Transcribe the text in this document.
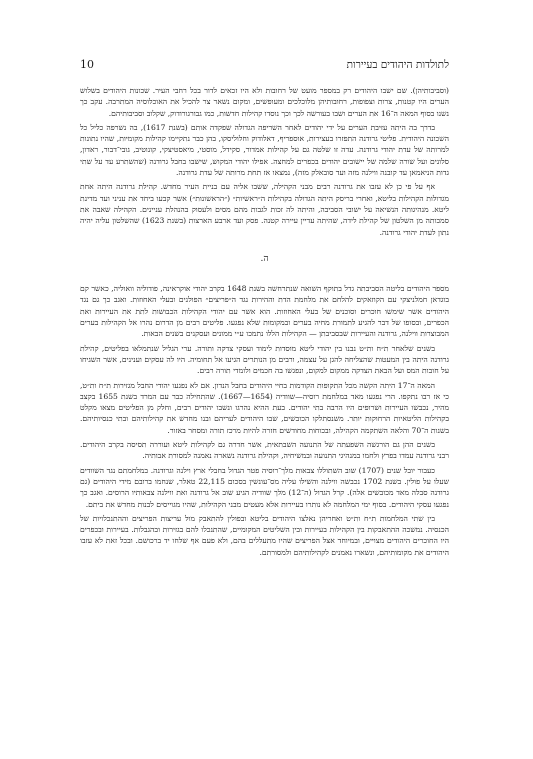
10	לתולדות היהודים בעיירות

(וסביבותיהן). שם ישבו היהודים רק במספר מועט של רחובות ולא היו זכאים לדור בכל רחבי העיר. שכונות היהודים בשלוש הערים היו קטנות, צרות וצפופות, רחובותיהן מלוכלכים ומעופשים, ומקום נשאר צר להכיל את האוכלוסיה המתרבה. עקב כך נשנו בסוף המאה ה־16 את הערים ושבו בעורשה לכך וכך נוסדו קהילות חדשות, כמו גבורגורודוק, שקלוב וסביבותיהם.

בדרך בה היתה עזיבת הערים על ידי יהודים לאחר השריפה הגדולה שפקדה אותם (בשנת 1617), בה נשרפה כליל כל השכונה היהודית. פליטי גרודנה התפזרו בעצירות, אוספריף, דאלודוק וחלוליסקו, בהן כבר נתקיימו קהילות מקומיות, שהיו נתונות למרותה של עדת יהודי גרודנה. עדה זו שלטה גם על קהילות אמדור, סקידל, מוסטי, מיאסטיצקי, קונוטיב, גובי־דבור, ראדון, סלונים ועל שורה שלמה של יישובים יהודים בכפרים למחצה. אפילו יהודי המקוש, שישבו בחבל גרודנה (שהשתרע עד על שתי גדות הניאמאן עד קובנה ווילנה מזה ועד סובאלק מזה), נמצאו אז תחת מרותה של עדת גרודנה.

אף על פי כן לא עזבו את גרודנה רבים מבני הקהילה, ששבו אליה עם בניית העיר מחדש. קהילת גרודנה היתה אחת מגדולות הקהילות בליטא, ואחרי בריסק היתה הגדולה בקהילות ה״ראשיות״ (״הראשונות״) אשר קבעו ביחד את עניני ועד מדינת ליטא. מנהיגותה הנשיאה על ישובי הסביבה, והיתה לה זכות לגבות מהם מסים ולעסוק בהנהלת עניינים. הקהילה שאבה את סמכותה מן השלטון של קהילת לידה, שהיתה עדיין עיירה קטנה. פסק ועד ארבע הארצות (בשנת 1623) שהשלטון עליה יהיה נתון לעדת יהודי גרודנה.

ה.

מספר היהודים בליטה הסביבתה גדל בתוקף השואה שנתרחשה בשנת 1648 בקרב יהודי אוקראינה, פודוליה וואוליה, כאשר קם בוגדאן חמלניצקי עם הקוזאקים להלחם את מלחמת הדת וההירות נגד ה״פריצים״ הפולנים ובעלי האחוזות. ואגב כך גם נגד היהודים אשר שימשו חוכרים וסוכנים של בעלי האחוזות. הוא אשר עם יהודי הקהילות הכבושות לתת את העיירות ואת הכפרים, ובסופו של דבר להגיע לתמורת מחיה בערים ובמקומות שלא נפגעו. פליטים רבים מן הדרום נהרו אל הקהילות בערים המבוצרות ווילנה, גרודנה והעיירות שבסביבתן — הקהילות הללו נתמכו ע״י ממונים ועסקנים בשנים הבאות.

בשנים שלאחר ת״ח ות״ט נבנו בין יהודי ליטא מוסדות לימוד ועסקי צדקה ותורה. ערי הגליל שנתמלאו בפליטים, קהילת גרודנה היתה בין המעטות שהצליחה להגן על עצמה, ורבים מן הנותרים הגיעו אל תחומיה. היו לה עסקים וענינים, אשר השגיחו על חובות המס ועל הבאת הצדקה ממקום למקום, ונפגשו בה חכמים ולומדי תורה רבים.

המאה ה־17 היתה הקשה מכל התקופות הקודמות בחיי היהודים בחבל הנדון. אם לא נפגעו יהודי החבל מגזירות ת״ח ות״ט, כי אז רבו נתקפו. הרי נפגעו מאד במלחמת רוסיה—שוודיה (1654—1667). שהתחילה כבר עם המרד בשנת 1655 בקצב מהיר, נכבשו העיירות ושרופים היו הרבה בתי יהודים. בעת ההיא נהרגו ונשבו יהודים רבים, וחלק מן הפליטים מצאו מקלט בקהילות הליטאיות הרחוקות יותר. משנסתלקו הכובשים, שבו היהודים לעריהם ובנו מחדש את קהילותיהם ובתי כנסיותיהם. בשנות ה־70 והלאה השתקמה הקהילה, ובכוחות מחודשים חזרה להיות מרכז תורה ומסחר באזור.

בשנים ההן גם הורגשה השפעתה של התנועה השבתאית, אשר חדרה גם לקהילות ליטא ועוררה תסיסה בקרב היהודים. רבני גרודנה עמדו בפרץ ולחמו במנהיגי התנועה ובמשיחיה, וקהילת גרודנה נשארה נאמנה למסורת אבותיה.

כעבור יובל שנים (1707) שוב השתוללו צבאות מלך־רוסיה פטר הגדול בחבלי ארץ וילנה וגרודנה. במלחמתם נגד השוודים שעלו על פולין. בשנת 1702 נכבשה ווילנה והשילו עליה מס־עונשין בסכום 22,115 טאלר, שנחמו ברובם מידי היהודים (גם גרודנה סבלה מאד מכובשים אלה). קרל הגדול (ה־12) מלך שוודיה הגיע שוב אל גרודנה ואת ווילנה צבאותיו הרוסים. ואגב כך נפגעו עסקי היהודים. בסוף ימי המלחמה לא נותרו בעיירות אלא מעטים מבני הקהילות, שהיו מגוייסים לבנות מחדש את ביתם.

בין שתי המלחמות ת״ח ות״ט ואחריהן נאלצו היהודים בליטא ובפולין להתאבק מול עריצות הפריצים וההתנכלויות של הכנסיה. נמשכה ההתאבקות בין הקהילות בעיירות ובין השליטים המקומיים, שהתנכלו להם בגזירות ובהגבלות. בעיירות ובכפרים היו החוכרים היהודים מצויים, ובמיוחד אצל הפריצים שהיו מתעללים בהם, ולא פעם אף שלחו יד ברכושם. ובכל זאת לא עזבו היהודים את מקומותיהם, ונשארו נאמנים לקהילותיהם ולמסורתם.
